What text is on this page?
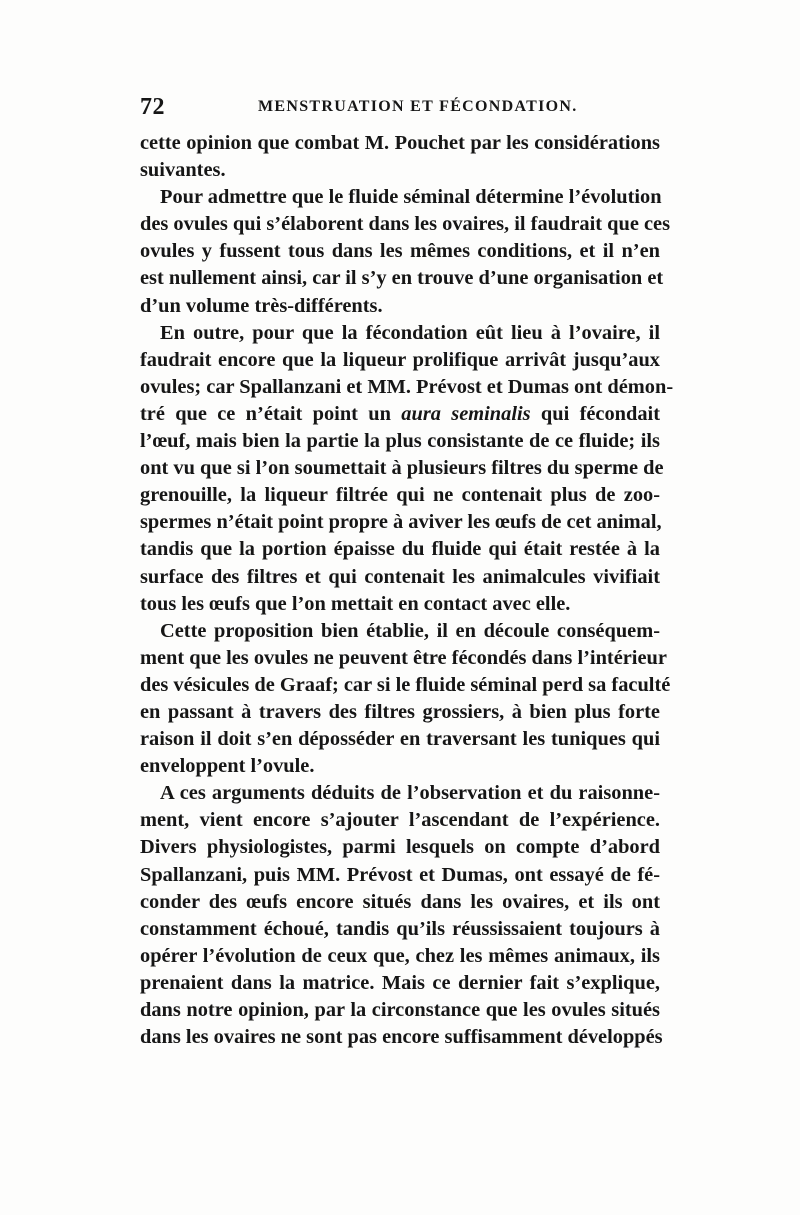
72	MENSTRUATION ET FÉCONDATION.
cette opinion que combat M. Pouchet par les considérations
suivantes.
Pour admettre que le fluide séminal détermine l’évolution
des ovules qui s’élaborent dans les ovaires, il faudrait que ces
ovules y fussent tous dans les mêmes conditions, et il n’en
est nullement ainsi, car il s’y en trouve d’une organisation et
d’un volume très-différents.
En outre, pour que la fécondation eût lieu à l’ovaire, il
faudrait encore que la liqueur prolifique arrivât jusqu’aux
ovules; car Spallanzani et MM. Prévost et Dumas ont démon-
tré que ce n’était point un aura seminalis qui fécondait
l’œuf, mais bien la partie la plus consistante de ce fluide; ils
ont vu que si l’on soumettait à plusieurs filtres du sperme de
grenouille, la liqueur filtrée qui ne contenait plus de zoo-
spermes n’était point propre à aviver les œufs de cet animal,
tandis que la portion épaisse du fluide qui était restée à la
surface des filtres et qui contenait les animalcules vivifiait
tous les œufs que l’on mettait en contact avec elle.
Cette proposition bien établie, il en découle conséquem-
ment que les ovules ne peuvent être fécondés dans l’intérieur
des vésicules de Graaf; car si le fluide séminal perd sa faculté
en passant à travers des filtres grossiers, à bien plus forte
raison il doit s’en déposséder en traversant les tuniques qui
enveloppent l’ovule.
A ces arguments déduits de l’observation et du raisonne-
ment, vient encore s’ajouter l’ascendant de l’expérience.
Divers physiologistes, parmi lesquels on compte d’abord
Spallanzani, puis MM. Prévost et Dumas, ont essayé de fé-
conder des œufs encore situés dans les ovaires, et ils ont
constamment échoué, tandis qu’ils réussissaient toujours à
opérer l’évolution de ceux que, chez les mêmes animaux, ils
prenaient dans la matrice. Mais ce dernier fait s’explique,
dans notre opinion, par la circonstance que les ovules situés
dans les ovaires ne sont pas encore suffisamment développés
